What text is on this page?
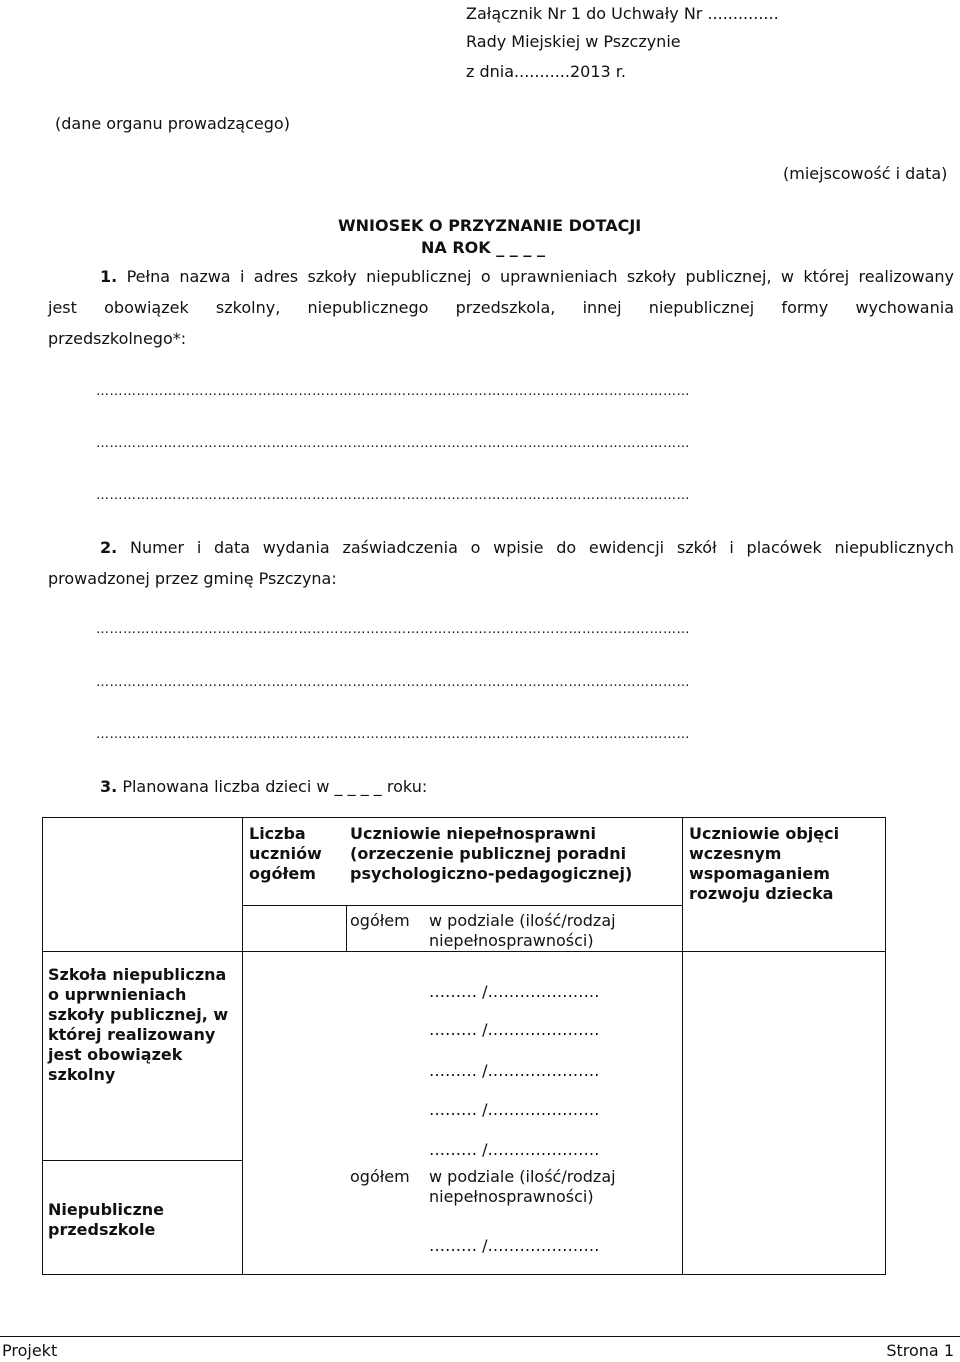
Załącznik Nr 1 do Uchwały Nr ..............
Rady Miejskiej w Pszczynie
z dnia...........2013 r.
(dane organu prowadzącego)
(miejscowość i data)
WNIOSEK O PRZYZNANIE DOTACJI
NA ROK _ _ _ _
1. Pełna nazwa i adres szkoły niepublicznej o uprawnieniach szkoły publicznej, w której realizowany
jest obowiązek szkolny, niepublicznego przedszkola, innej niepublicznej formy wychowania
przedszkolnego*:
……………………………………………………………………………………………………………………
……………………………………………………………………………………………………………………
……………………………………………………………………………………………………………………
2. Numer i data wydania zaświadczenia o wpisie do ewidencji szkół i placówek niepublicznych
prowadzonej przez gminę Pszczyna:
……………………………………………………………………………………………………………………
……………………………………………………………………………………………………………………
……………………………………………………………………………………………………………………
3. Planowana liczba dzieci w _ _ _ _ roku:
Liczba uczniów ogółem
Uczniowie niepełnosprawni (orzeczenie publicznej poradni psychologiczno-pedagogicznej)
Uczniowie objęci wczesnym wspomaganiem rozwoju dziecka
ogółem w podziale (ilość/rodzaj niepełnosprawności)
Szkoła niepubliczna o uprwnieniach szkoły publicznej, w której realizowany jest obowiązek szkolny
Niepubliczne przedszkole
……… /…………………
……… /…………………
……… /…………………
……… /…………………
……… /…………………
ogółem w podziale (ilość/rodzaj niepełnosprawności)
……… /…………………
Projekt	Strona 1
